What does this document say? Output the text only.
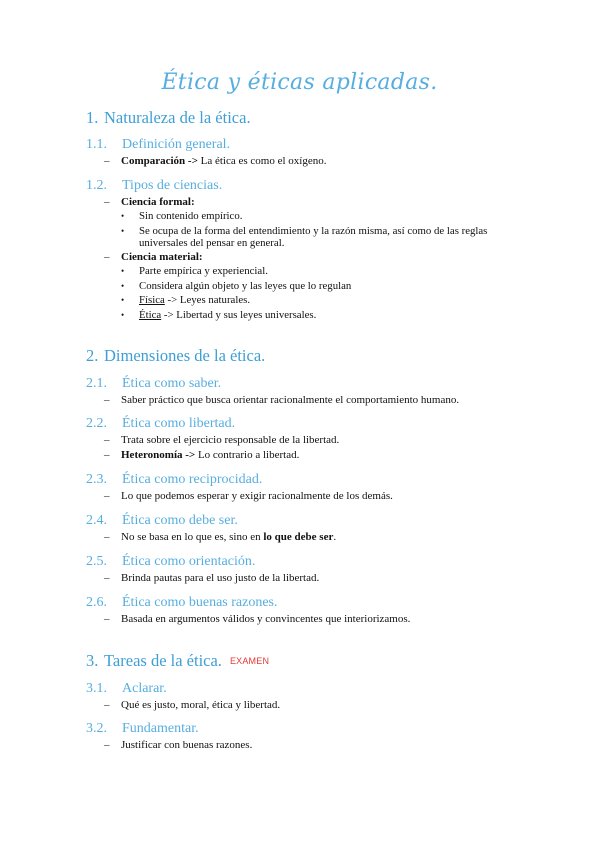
Ética y éticas aplicadas.
1. Naturaleza de la ética.
1.1. Definición general.
– Comparación -> La ética es como el oxígeno.
1.2. Tipos de ciencias.
– Ciencia formal:
• Sin contenido empírico.
• Se ocupa de la forma del entendimiento y la razón misma, así como de las reglas universales del pensar en general.
– Ciencia material:
• Parte empírica y experiencial.
• Considera algún objeto y las leyes que lo regulan
• Física -> Leyes naturales.
• Ética -> Libertad y sus leyes universales.
2. Dimensiones de la ética.
2.1. Ética como saber.
– Saber práctico que busca orientar racionalmente el comportamiento humano.
2.2. Ética como libertad.
– Trata sobre el ejercicio responsable de la libertad.
– Heteronomía -> Lo contrario a libertad.
2.3. Ética como reciprocidad.
– Lo que podemos esperar y exigir racionalmente de los demás.
2.4. Ética como debe ser.
– No se basa en lo que es, sino en lo que debe ser.
2.5. Ética como orientación.
– Brinda pautas para el uso justo de la libertad.
2.6. Ética como buenas razones.
– Basada en argumentos válidos y convincentes que interiorizamos.
3. Tareas de la ética. EXAMEN
3.1. Aclarar.
– Qué es justo, moral, ética y libertad.
3.2. Fundamentar.
– Justificar con buenas razones.
